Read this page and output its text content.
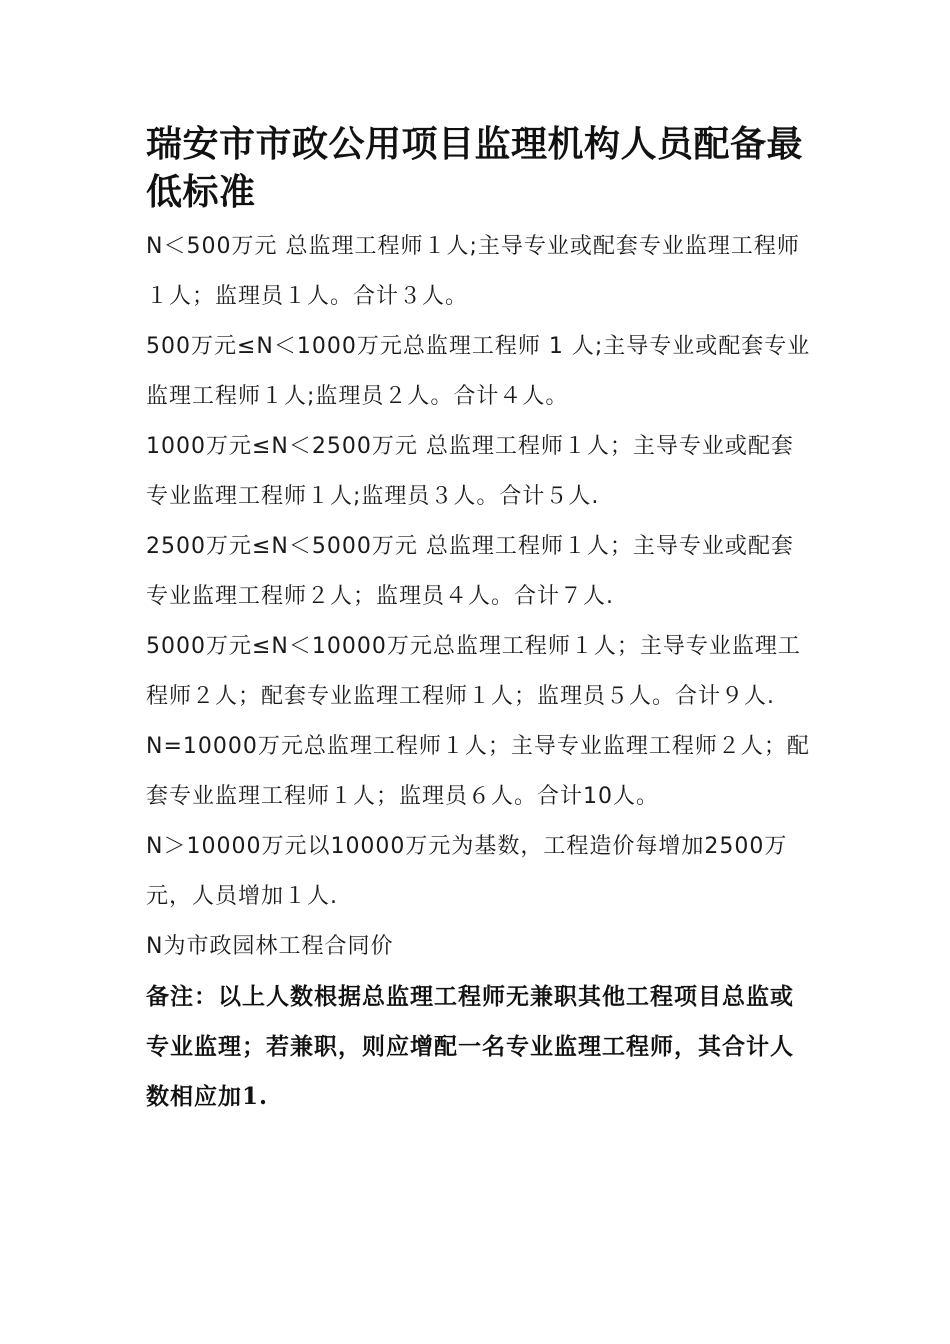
瑞安市市政公用项目监理机构人员配备最低标准

N＜500万元 总监理工程师１人;主导专业或配套专业监理工程师１人；监理员１人。合计３人。

500万元≤N＜1000万元总监理工程师 1 人;主导专业或配套专业监理工程师１人;监理员２人。合计４人。

1000万元≤N＜2500万元 总监理工程师１人；主导专业或配套专业监理工程师１人;监理员３人。合计５人.

2500万元≤N＜5000万元 总监理工程师１人；主导专业或配套专业监理工程师２人；监理员４人。合计７人.

5000万元≤N＜10000万元总监理工程师１人；主导专业监理工程师２人；配套专业监理工程师１人；监理员５人。合计９人.

N=10000万元总监理工程师１人；主导专业监理工程师２人；配套专业监理工程师１人；监理员６人。合计10人。

N＞10000万元以10000万元为基数，工程造价每增加2500万元，人员增加１人.

N为市政园林工程合同价

备注：以上人数根据总监理工程师无兼职其他工程项目总监或专业监理；若兼职，则应增配一名专业监理工程师，其合计人数相应加1.
